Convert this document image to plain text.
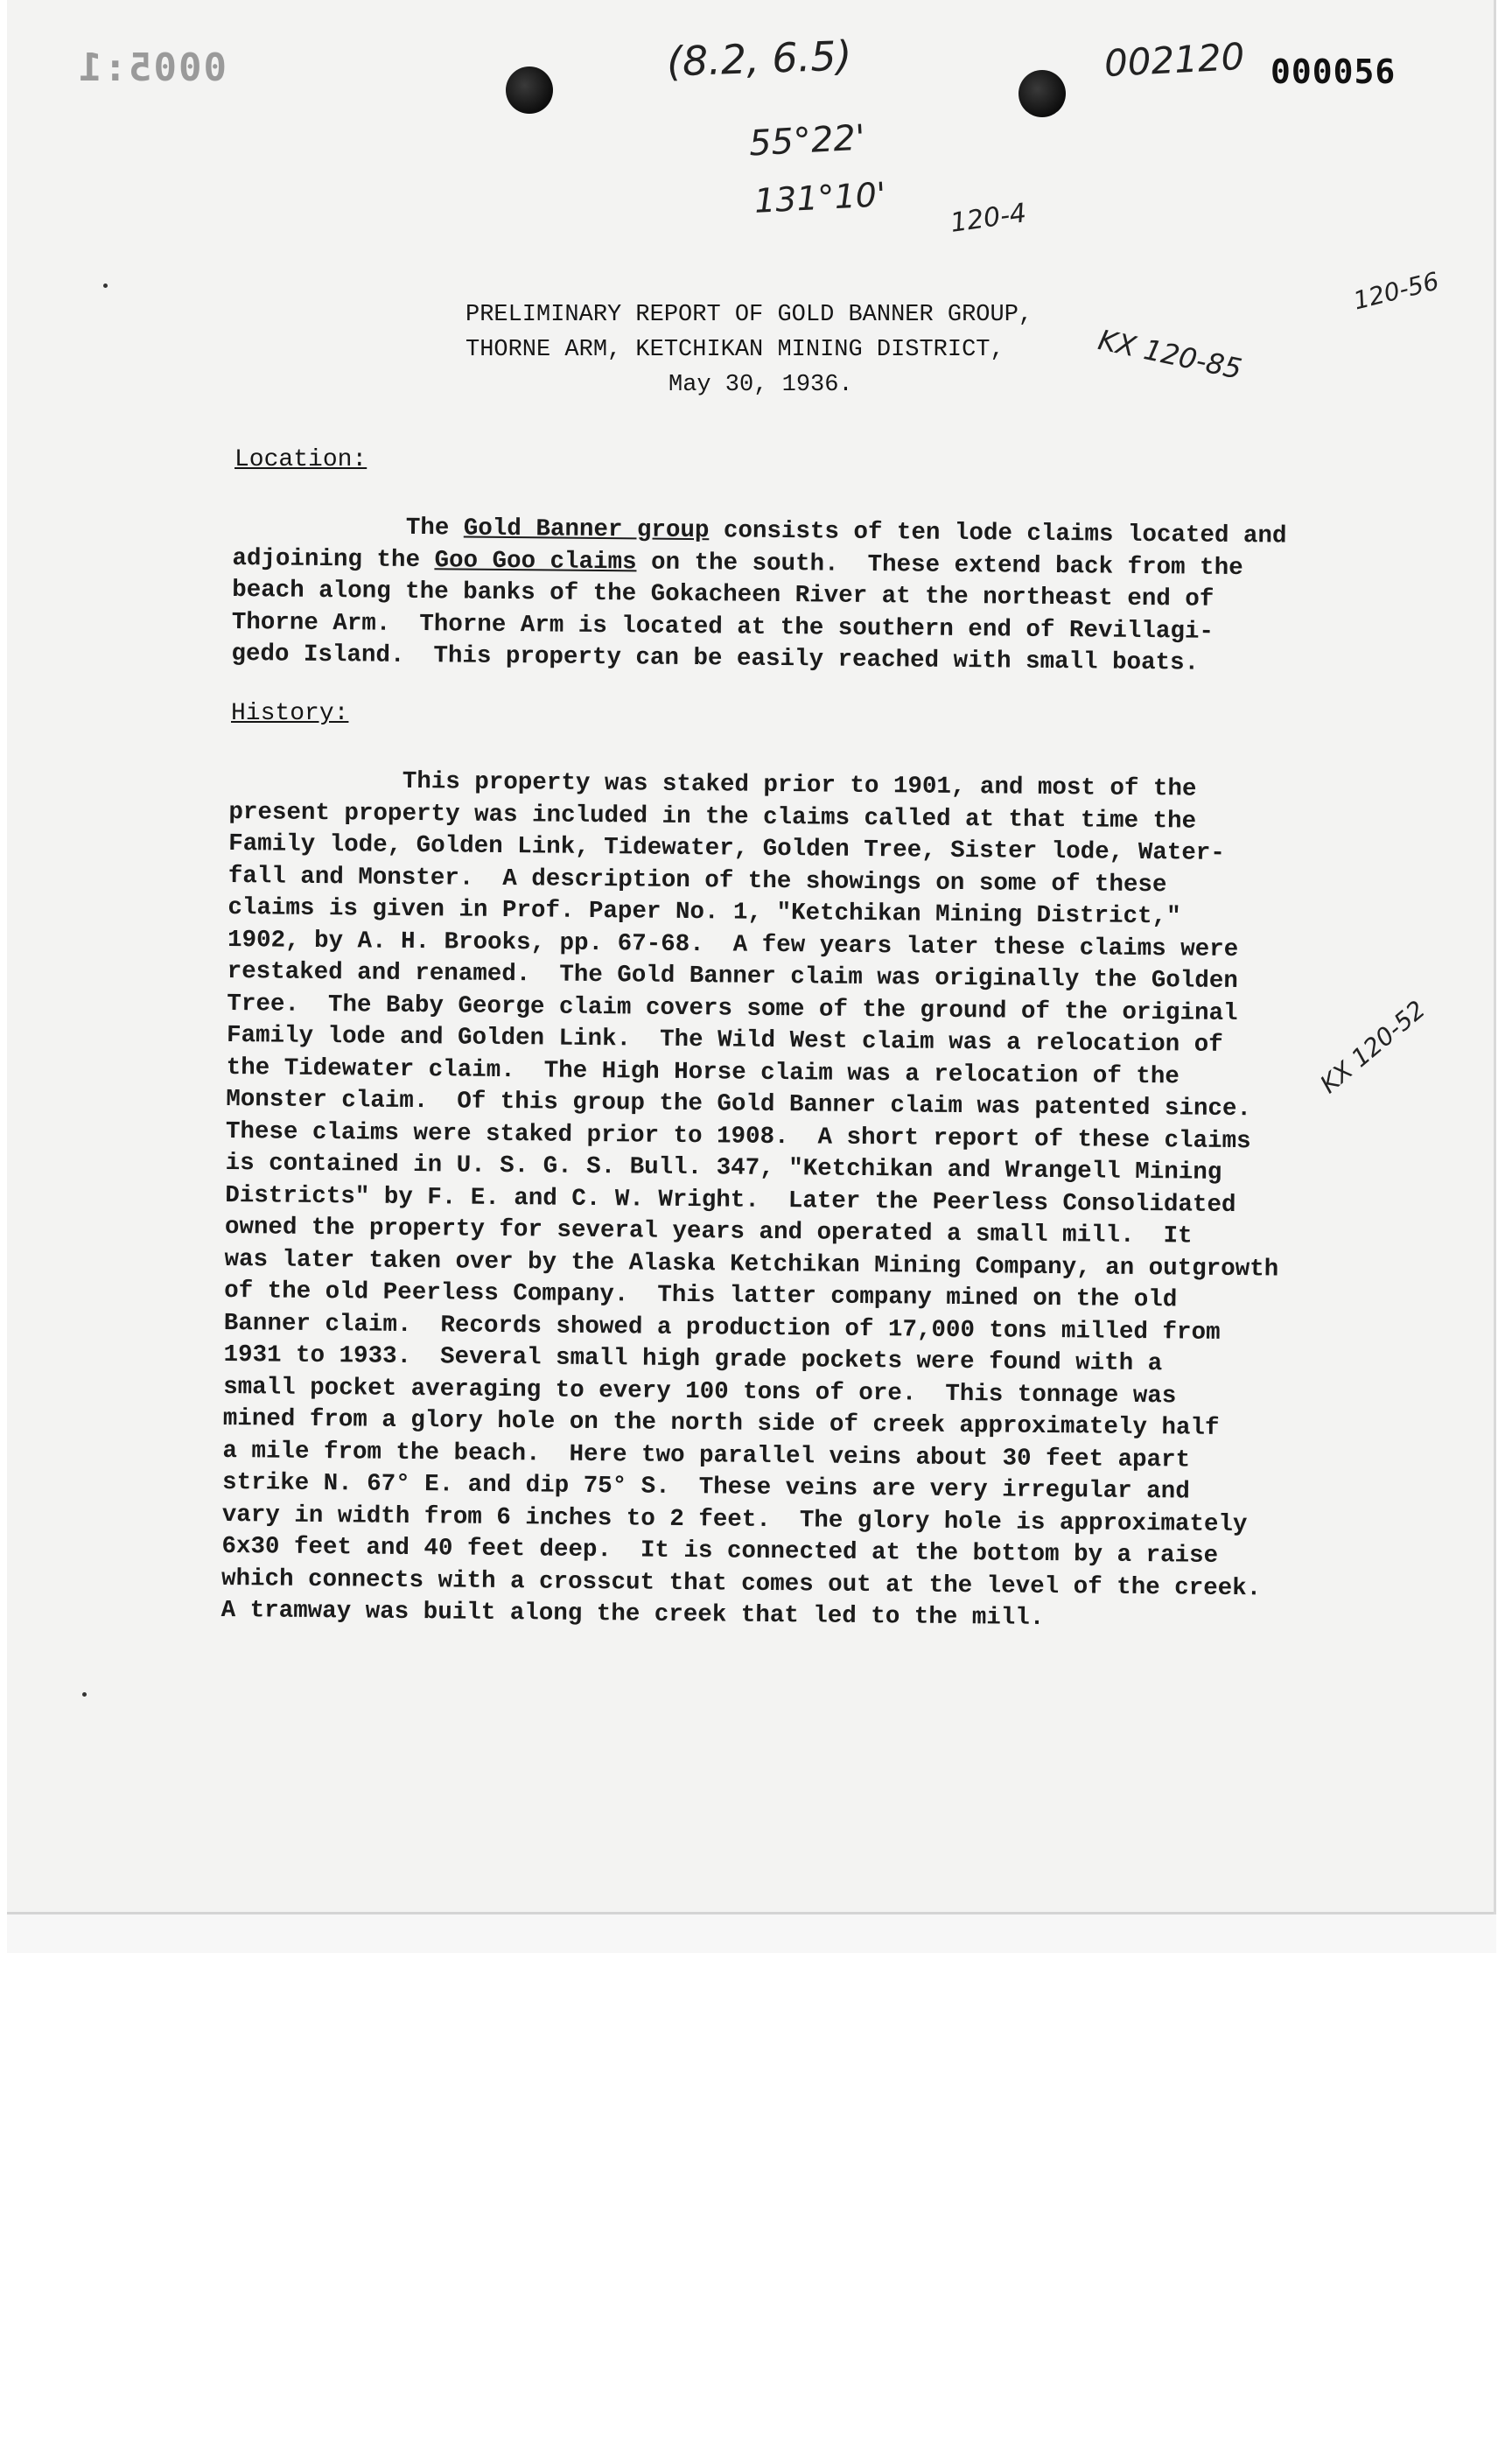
0005:1	(8.2, 6.5)	002120 000056
55°22'
131°10' 120-4
120-56
KX 120-85
KX 120-52
PRELIMINARY REPORT OF GOLD BANNER GROUP,
THORNE ARM, KETCHIKAN MINING DISTRICT,
May 30, 1936.
Location:
The Gold Banner group consists of ten lode claims located and
adjoining the Goo Goo claims on the south.  These extend back from the
beach along the banks of the Gokacheen River at the northeast end of
Thorne Arm.  Thorne Arm is located at the southern end of Revillagi-
gedo Island.  This property can be easily reached with small boats.
History:
This property was staked prior to 1901, and most of the
present property was included in the claims called at that time the
Family lode, Golden Link, Tidewater, Golden Tree, Sister lode, Water-
fall and Monster.  A description of the showings on some of these
claims is given in Prof. Paper No. 1, "Ketchikan Mining District,"
1902, by A. H. Brooks, pp. 67-68.  A few years later these claims were
restaked and renamed.  The Gold Banner claim was originally the Golden
Tree.  The Baby George claim covers some of the ground of the original
Family lode and Golden Link.  The Wild West claim was a relocation of
the Tidewater claim.  The High Horse claim was a relocation of the
Monster claim.  Of this group the Gold Banner claim was patented since.
These claims were staked prior to 1908.  A short report of these claims
is contained in U. S. G. S. Bull. 347, "Ketchikan and Wrangell Mining
Districts" by F. E. and C. W. Wright.  Later the Peerless Consolidated
owned the property for several years and operated a small mill.  It
was later taken over by the Alaska Ketchikan Mining Company, an outgrowth
of the old Peerless Company.  This latter company mined on the old
Banner claim.  Records showed a production of 17,000 tons milled from
1931 to 1933.  Several small high grade pockets were found with a
small pocket averaging to every 100 tons of ore.  This tonnage was
mined from a glory hole on the north side of creek approximately half
a mile from the beach.  Here two parallel veins about 30 feet apart
strike N. 67° E. and dip 75° S.  These veins are very irregular and
vary in width from 6 inches to 2 feet.  The glory hole is approximately
6x30 feet and 40 feet deep.  It is connected at the bottom by a raise
which connects with a crosscut that comes out at the level of the creek.
A tramway was built along the creek that led to the mill.
